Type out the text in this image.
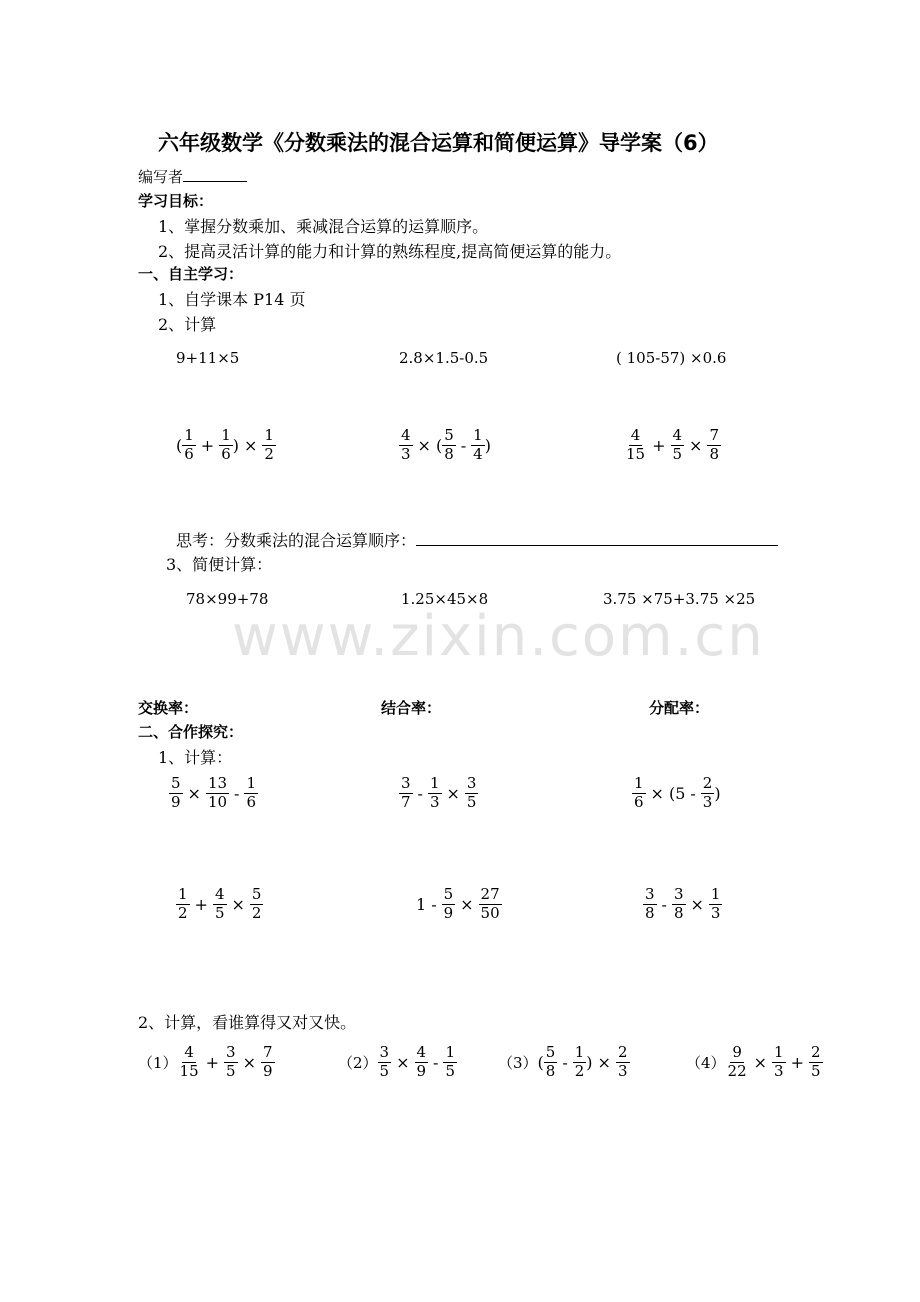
www.zixin.com.cn
六年级数学《分数乘法的混合运算和简便运算》导学案（6）
编写者
学习目标：
1、掌握分数乘加、乘减混合运算的运算顺序。
2、提高灵活计算的能力和计算的熟练程度,提高简便运算的能力。
一、自主学习：
1、自学课本 P14 页
2、计算
9+11×5	2.8×1.5-0.5	( 105-57) ×0.6
( $\frac{1}{6} + \frac{1}{6}$ ) × $\frac{1}{2}$	$\frac{4}{3}$ × ( $\frac{5}{8} - \frac{1}{4}$ )	$\frac{4}{15} + \frac{4}{5} \times \frac{7}{8}$
思考：分数乘法的混合运算顺序：
3、简便计算：
78×99+78	1.25×45×8	3.75 ×75+3.75 ×25
交换率：	结合率：	分配率：
二、合作探究：
1、计算：
$\frac{5}{9} \times \frac{13}{10} - \frac{1}{6}$	$\frac{3}{7} - \frac{1}{3} \times \frac{3}{5}$	$\frac{1}{6}$ × ( $5 - \frac{2}{3}$ )
$\frac{1}{2} + \frac{4}{5} \times \frac{5}{2}$	$1 - \frac{5}{9} \times \frac{27}{50}$	$\frac{3}{8} - \frac{3}{8} \times \frac{1}{3}$
2、计算，看谁算得又对又快。
$(1) \frac{4}{15} + \frac{3}{5} \times \frac{7}{9}$	$(2) \frac{3}{5} \times \frac{4}{9} - \frac{1}{5}$	（3） ( $\frac{5}{8} - \frac{1}{2}$ ) × $\frac{2}{3}$	$(4) \frac{9}{22} \times \frac{1}{3} + \frac{2}{5}$
